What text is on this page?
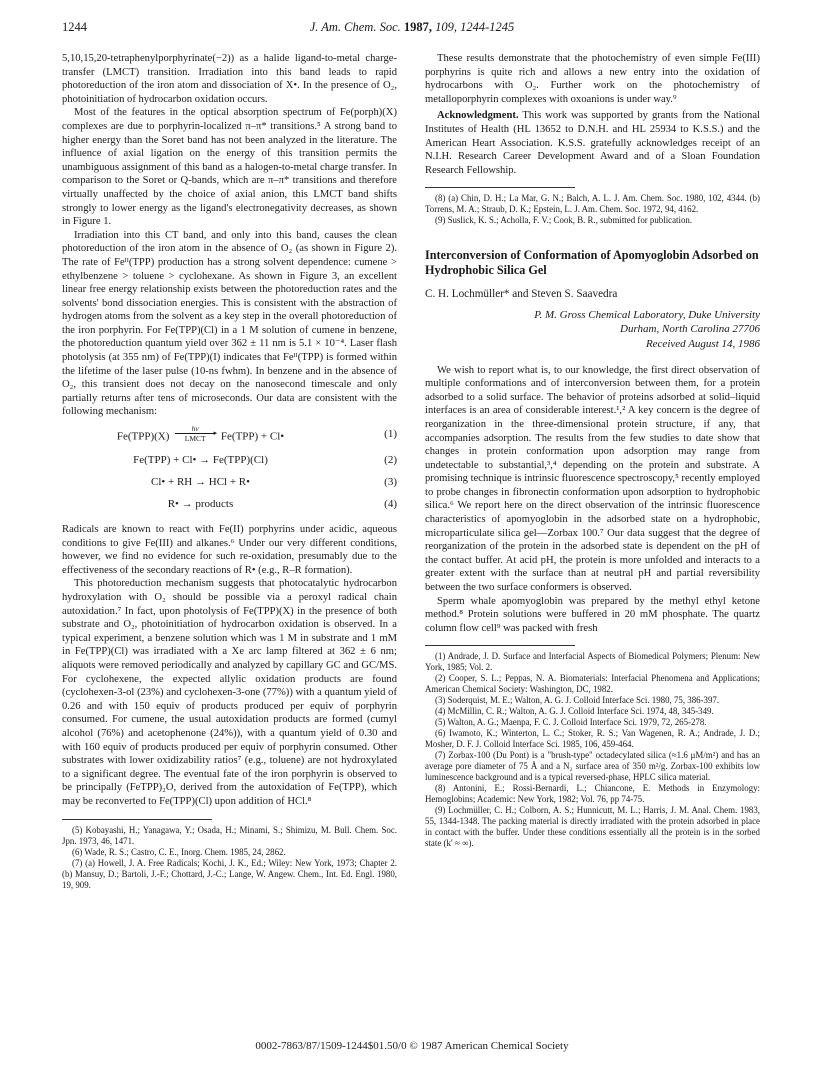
1244	J. Am. Chem. Soc. 1987, 109, 1244-1245

5,10,15,20-tetraphenylporphyrinate(−2)) as a halide ligand-to-metal charge-transfer (LMCT) transition. Irradiation into this band leads to rapid photoreduction of the iron atom and dissociation of X•. In the presence of O₂, photoinitiation of hydrocarbon oxidation occurs.

Most of the features in the optical absorption spectrum of Fe(porph)(X) complexes are due to porphyrin-localized π–π* transitions.⁵ A strong band to higher energy than the Soret band has not been analyzed in the literature. The influence of axial ligation on the energy of this transition permits the unambiguous assignment of this band as a halogen-to-metal charge transfer. In comparison to the Soret or Q-bands, which are π–π* transitions and therefore virtually unaffected by the choice of axial anion, this LMCT band shifts strongly to lower energy as the ligand's electronegativity decreases, as shown in Figure 1.

Irradiation into this CT band, and only into this band, causes the clean photoreduction of the iron atom in the absence of O₂ (as shown in Figure 2). The rate of Feᴵᴵ(TPP) production has a strong solvent dependence: cumene > ethylbenzene > toluene > cyclohexane. As shown in Figure 3, an excellent linear free energy relationship exists between the photoreduction rates and the solvents' bond dissociation energies. This is consistent with the abstraction of hydrogen atoms from the solvent as a key step in the overall photoreduction of the iron porphyrin. For Fe(TPP)(Cl) in a 1 M solution of cumene in benzene, the photoreduction quantum yield over 362 ± 11 nm is 5.1 × 10⁻⁴. Laser flash photolysis (at 355 nm) of Fe(TPP)(I) indicates that Feᴵᴵ(TPP) is formed within the lifetime of the laser pulse (10-ns fwhm). In benzene and in the absence of O₂, this transient does not decay on the nanosecond timescale and only partially returns after tens of microseconds. Our data are consistent with the following mechanism:

Fe(TPP)(X)
hν	▸
LMCT	Fe(TPP) + Cl•	(1)
Fe(TPP) + Cl• → Fe(TPP)(Cl)	(2)
Cl• + RH → HCl + R•	(3)
R• → products	(4)

Radicals are known to react with Fe(II) porphyrins under acidic, aqueous conditions to give Fe(III) and alkanes.⁶ Under our very different conditions, however, we find no evidence for such re-oxidation, presumably due to the effectiveness of the secondary reactions of R• (e.g., R–R formation).

This photoreduction mechanism suggests that photocatalytic hydrocarbon hydroxylation with O₂ should be possible via a peroxyl radical chain autoxidation.⁷ In fact, upon photolysis of Fe(TPP)(X) in the presence of both substrate and O₂, photoinitiation of hydrocarbon oxidation is observed. In a typical experiment, a benzene solution which was 1 M in substrate and 1 mM in Fe(TPP)(Cl) was irradiated with a Xe arc lamp filtered at 362 ± 6 nm; aliquots were removed periodically and analyzed by capillary GC and GC/MS. For cyclohexene, the expected allylic oxidation products are found (cyclohexen-3-ol (23%) and cyclohexen-3-one (77%)) with a quantum yield of 0.26 and with 150 equiv of products produced per equiv of porphyrin consumed. For cumene, the usual autoxidation products are formed (cumyl alcohol (76%) and acetophenone (24%)), with a quantum yield of 0.30 and with 160 equiv of products produced per equiv of porphyrin consumed. Other substrates with lower oxidizability ratios⁷ (e.g., toluene) are not hydroxylated to a significant degree. The eventual fate of the iron porphyrin is observed to be principally (FeTPP)₂O, derived from the autoxidation of Fe(TPP), which may be reconverted to Fe(TPP)(Cl) upon addition of HCl.⁸

(5) Kobayashi, H.; Yanagawa, Y.; Osada, H.; Minami, S.; Shimizu, M. Bull. Chem. Soc. Jpn. 1973, 46, 1471.
(6) Wade, R. S.; Castro, C. E., Inorg. Chem. 1985, 24, 2862.
(7) (a) Howell, J. A. Free Radicals; Kochi, J. K., Ed.; Wiley: New York, 1973; Chapter 2. (b) Mansuy, D.; Bartoli, J.-F.; Chottard, J.-C.; Lange, W. Angew. Chem., Int. Ed. Engl. 1980, 19, 909.

These results demonstrate that the photochemistry of even simple Fe(III) porphyrins is quite rich and allows a new entry into the oxidation of hydrocarbons with O₂. Further work on the photochemistry of metalloporphyrin complexes with oxoanions is under way.⁹

Acknowledgment. This work was supported by grants from the National Institutes of Health (HL 13652 to D.N.H. and HL 25934 to K.S.S.) and the American Heart Association. K.S.S. gratefully acknowledges receipt of an N.I.H. Research Career Development Award and of a Sloan Foundation Research Fellowship.

(8) (a) Chin, D. H.; La Mar, G. N.; Balch, A. L. J. Am. Chem. Soc. 1980, 102, 4344. (b) Torrens, M. A.; Straub, D. K.; Epstein, L. J. Am. Chem. Soc. 1972, 94, 4162.
(9) Suslick, K. S.; Acholla, F. V.; Cook, B. R., submitted for publication.
Interconversion of Conformation of Apomyoglobin Adsorbed on Hydrophobic Silica Gel
C. H. Lochmüller* and Steven S. Saavedra
P. M. Gross Chemical Laboratory, Duke University
Durham, North Carolina 27706
Received August 14, 1986

We wish to report what is, to our knowledge, the first direct observation of multiple conformations and of interconversion between them, for a protein adsorbed to a solid surface. The behavior of proteins adsorbed at solid–liquid interfaces is an area of considerable interest.¹,² A key concern is the degree of reorganization in the three-dimensional protein structure, if any, that accompanies adsorption. The results from the few studies to date show that changes in protein conformation upon adsorption may range from undetectable to substantial,³,⁴ depending on the protein and substrate. A promising technique is intrinsic fluorescence spectroscopy,⁵ recently employed to probe changes in fibronectin conformation upon adsorption to hydrophobic silica.⁶ We report here on the direct observation of the intrinsic fluorescence characteristics of apomyoglobin in the adsorbed state on a hydrophobic, microparticulate silica gel—Zorbax 100.⁷ Our data suggest that the degree of reorganization of the protein in the adsorbed state is dependent on the pH of the contact buffer. At acid pH, the protein is more unfolded and interacts to a greater extent with the surface than at neutral pH and partial reversibility between the two surface conformers is observed.

Sperm whale apomyoglobin was prepared by the methyl ethyl ketone method.⁸ Protein solutions were buffered in 20 mM phosphate. The quartz column flow cell⁹ was packed with fresh

(1) Andrade, J. D. Surface and Interfacial Aspects of Biomedical Polymers; Plenum: New York, 1985; Vol. 2.
(2) Cooper, S. L.; Peppas, N. A. Biomaterials: Interfacial Phenomena and Applications; American Chemical Society: Washington, DC, 1982.
(3) Soderquist, M. E.; Walton, A. G. J. Colloid Interface Sci. 1980, 75, 386-397.
(4) McMillin, C. R.; Walton, A. G. J. Colloid Interface Sci. 1974, 48, 345-349.
(5) Walton, A. G.; Maenpa, F. C. J. Colloid Interface Sci. 1979, 72, 265-278.
(6) Iwamoto, K.; Winterton, L. C.; Stoker, R. S.; Van Wagenen, R. A.; Andrade, J. D.; Mosher, D. F. J. Colloid Interface Sci. 1985, 106, 459-464.
(7) Zorbax-100 (Du Pont) is a "brush-type" octadecylated silica (≈1.6 μM/m²) and has an average pore diameter of 75 Å and a N₂ surface area of 350 m²/g. Zorbax-100 exhibits low luminescence background and is a typical reversed-phase, HPLC silica material.
(8) Antonini, E.; Rossi-Bernardi, L.; Chiancone, E. Methods in Enzymology: Hemoglobins; Academic: New York, 1982; Vol. 76, pp 74-75.
(9) Lochmüller, C. H.; Colborn, A. S.; Hunnicutt, M. L.; Harris, J. M. Anal. Chem. 1983, 55, 1344-1348. The packing material is directly irradiated with the protein adsorbed in place in contact with the buffer. Under these conditions essentially all the protein is in the sorbed state (k′ ≈ ∞).
0002-7863/87/1509-1244$01.50/0 © 1987 American Chemical Society
